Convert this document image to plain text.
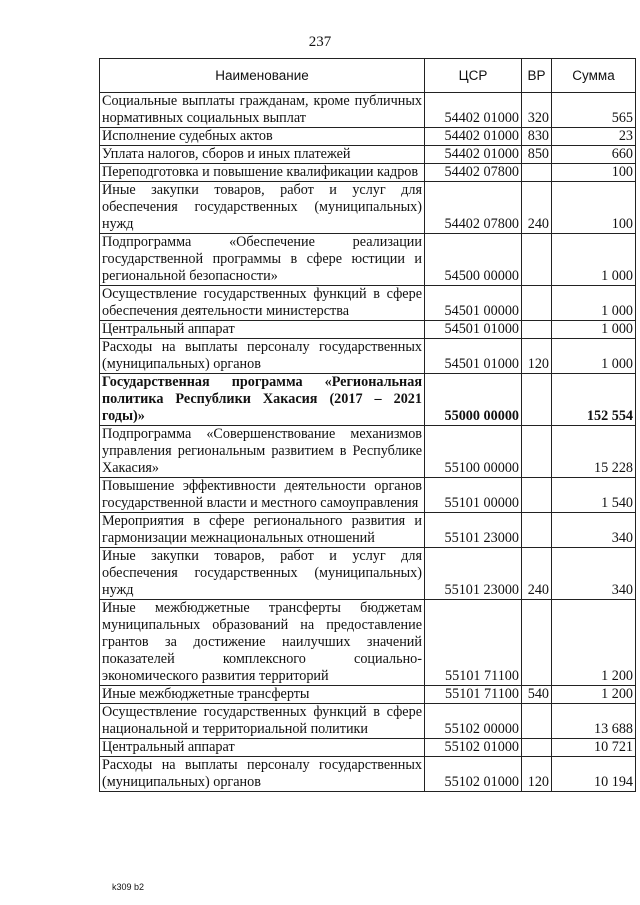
237
Наименование	ЦСР	ВР	Сумма
Социальные выплаты гражданам, кроме публичных нормативных социальных выплат	54402 01000	320	565
Исполнение судебных актов	54402 01000	830	23
Уплата налогов, сборов и иных платежей	54402 01000	850	660
Переподготовка и повышение квалификации кадров	54402 07800		100
Иные закупки товаров, работ и услуг для обеспечения государственных (муниципальных) нужд	54402 07800	240	100
Подпрограмма «Обеспечение реализации государственной программы в сфере юстиции и региональной безопасности»	54500 00000		1 000
Осуществление государственных функций в сфере обеспечения деятельности министерства	54501 00000		1 000
Центральный аппарат	54501 01000		1 000
Расходы на выплаты персоналу государственных (муниципальных) органов	54501 01000	120	1 000
Государственная программа «Региональная политика Республики Хакасия (2017 – 2021 годы)»	55000 00000		152 554
Подпрограмма «Совершенствование механизмов управления региональным развитием в Республике Хакасия»	55100 00000		15 228
Повышение эффективности деятельности органов государственной власти и местного самоуправления	55101 00000		1 540
Мероприятия в сфере регионального развития и гармонизации межнациональных отношений	55101 23000		340
Иные закупки товаров, работ и услуг для обеспечения государственных (муниципальных) нужд	55101 23000	240	340
Иные межбюджетные трансферты бюджетам муниципальных образований на предоставление грантов за достижение наилучших значений показателей комплексного социально-экономического развития территорий	55101 71100		1 200
Иные межбюджетные трансферты	55101 71100	540	1 200
Осуществление государственных функций в сфере национальной и территориальной политики	55102 00000		13 688
Центральный аппарат	55102 01000		10 721
Расходы на выплаты персоналу государственных (муниципальных) органов	55102 01000	120	10 194
k309 b2
